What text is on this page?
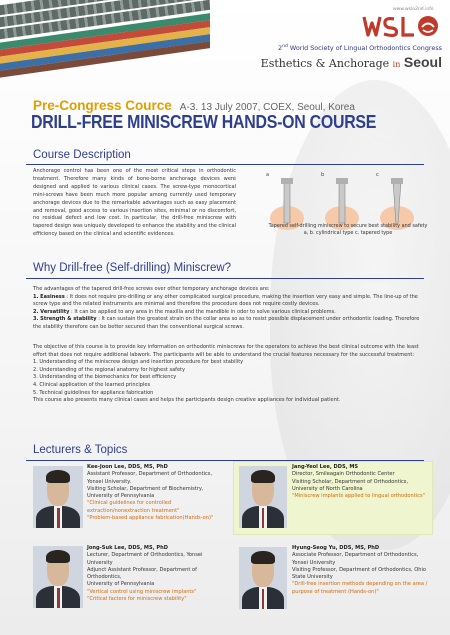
www.wslo2nd.info
2nd World Society of Lingual Orthodontics Congress
Esthetics & Anchorage in Seoul
Pre-Congress Cource A-3. 13 July 2007, COEX, Seoul, Korea
DRILL-FREE MINISCREW HANDS-ON COURSE
Course Description
Anchorage control has been one of the most critical steps in orthodontic treatment. Therefore many kinds of bone-borne anchorage devices were designed and applied to various clinical cases. The screw-type monocortical mini-screws have been much more popular among currently used temporary anchorage devices due to the remarkable advantages such as easy placement and removal, good access to various insertion sites, minimal or no discomfort, no residual defect and low cost. In particular, the drill-free miniscrew with tapered design was uniquely developed to enhance the stability and the clinical efficiency based on the clinical and scientific evidences.
a	b	c
Tapered self-drilling miniscrew to secure best stability and safety
a, b. cylindrical type c. tapered type
Why Drill-free (Self-drilling) Miniscrew?

The advantages of the tapered drill-free screws over other temporary anchorage devices are:

1. Easiness : It does not require pre-drilling or any other complicated surgical procedure, making the insertion very easy and simple. The line-up of the screw type and the related instruments are minimal and therefore the procedure does not require costly devices.

2. Versatility : It can be applied to any area in the maxilla and the mandible in oder to solve various clinical problems.

3. Strength & stability : It can sustain the greatest strain on the collar area so as to resist possible displacement under orthodontic loading. Therefore the stability therefore can be better secured than the conventional surgical screws.

The objective of this course is to provide key information on orthodontic miniscrews for the operators to achieve the best clinical outcome with the least effort that does not require additional labwork. The participants will be able to understand the crucial features necessary for the successful treatment:

1. Understanding of the miniscrew design and insertion procedure for best stability

2. Understanding of the regional anatomy for highest safety

3. Understanding of the biomechanics for best efficiency

4. Clinical application of the learned principles

5. Technical guidelines for appliance fabrication

This course also presents many clinical cases and helps the participants design creative appliances for individual patient.

Lecturers & Topics
Kee-Joon Lee, DDS, MS, PhD
Assistant Professor, Department of Orthodontics, Yonsei University.
Visiting Scholar, Department of Biochemistry, University of Pennsylvania
"Clinical guidelines for controlled extraction/nonextraction treatment"
"Problem-based appliance fabrication(Hands-on)"
Jang-Yeol Lee, DDS, MS
Director, Smileagain Orthodontic Center
Visiting Scholar, Department of Orthodontics,
University of North Carolina
"Miniscrew implants applied to lingual orthodontics"
Jong-Suk Lee, DDS, MS, PhD
Lecturer, Department of Orthodontics, Yonsei University
Adjunct Assistant Professor, Department of Orthodontics,
University of Pennsylvania
"Vertical control using miniscrew implants"
"Critical factors for miniscrew stability"
Hyung-Seog Yu, DDS, MS, PhD
Associate Professor, Department of Orthodontics,
Yonsei University
Visiting Professor, Department of Orthodontics, Ohio State University
"Drill-free insertion methods depending on the area / purpose of treatment (Hands-on)"
